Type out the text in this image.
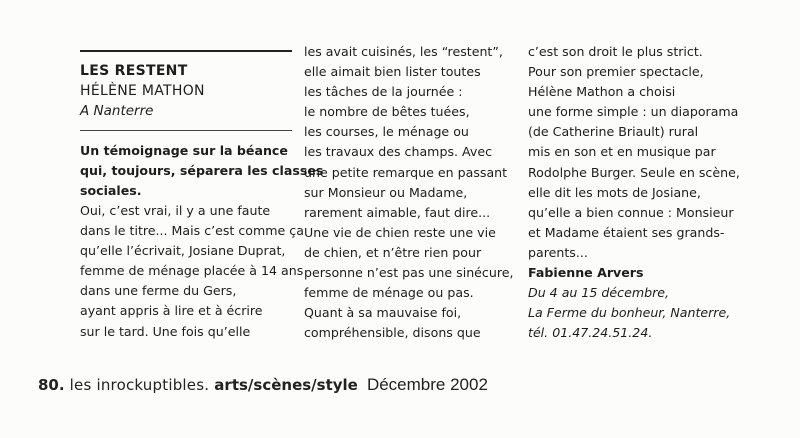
LES RESTENT
HÉLÈNE MATHON
A Nanterre
Un témoignage sur la béance
qui, toujours, séparera les classes
sociales.
Oui, c’est vrai, il y a une faute
dans le titre... Mais c’est comme ça
qu’elle l’écrivait, Josiane Duprat,
femme de ménage placée à 14 ans
dans une ferme du Gers,
ayant appris à lire et à écrire
sur le tard. Une fois qu’elle
les avait cuisinés, les “restent”,
elle aimait bien lister toutes
les tâches de la journée :
le nombre de bêtes tuées,
les courses, le ménage ou
les travaux des champs. Avec
une petite remarque en passant
sur Monsieur ou Madame,
rarement aimable, faut dire...
Une vie de chien reste une vie
de chien, et n’être rien pour
personne n’est pas une sinécure,
femme de ménage ou pas.
Quant à sa mauvaise foi,
compréhensible, disons que
c’est son droit le plus strict.
Pour son premier spectacle,
Hélène Mathon a choisi
une forme simple : un diaporama
(de Catherine Briault) rural
mis en son et en musique par
Rodolphe Burger. Seule en scène,
elle dit les mots de Josiane,
qu’elle a bien connue : Monsieur
et Madame étaient ses grands-
parents...
Fabienne Arvers
Du 4 au 15 décembre,
La Ferme du bonheur, Nanterre,
tél. 01.47.24.51.24.
80. les inrockuptibles. arts/scènes/style Décembre 2002
